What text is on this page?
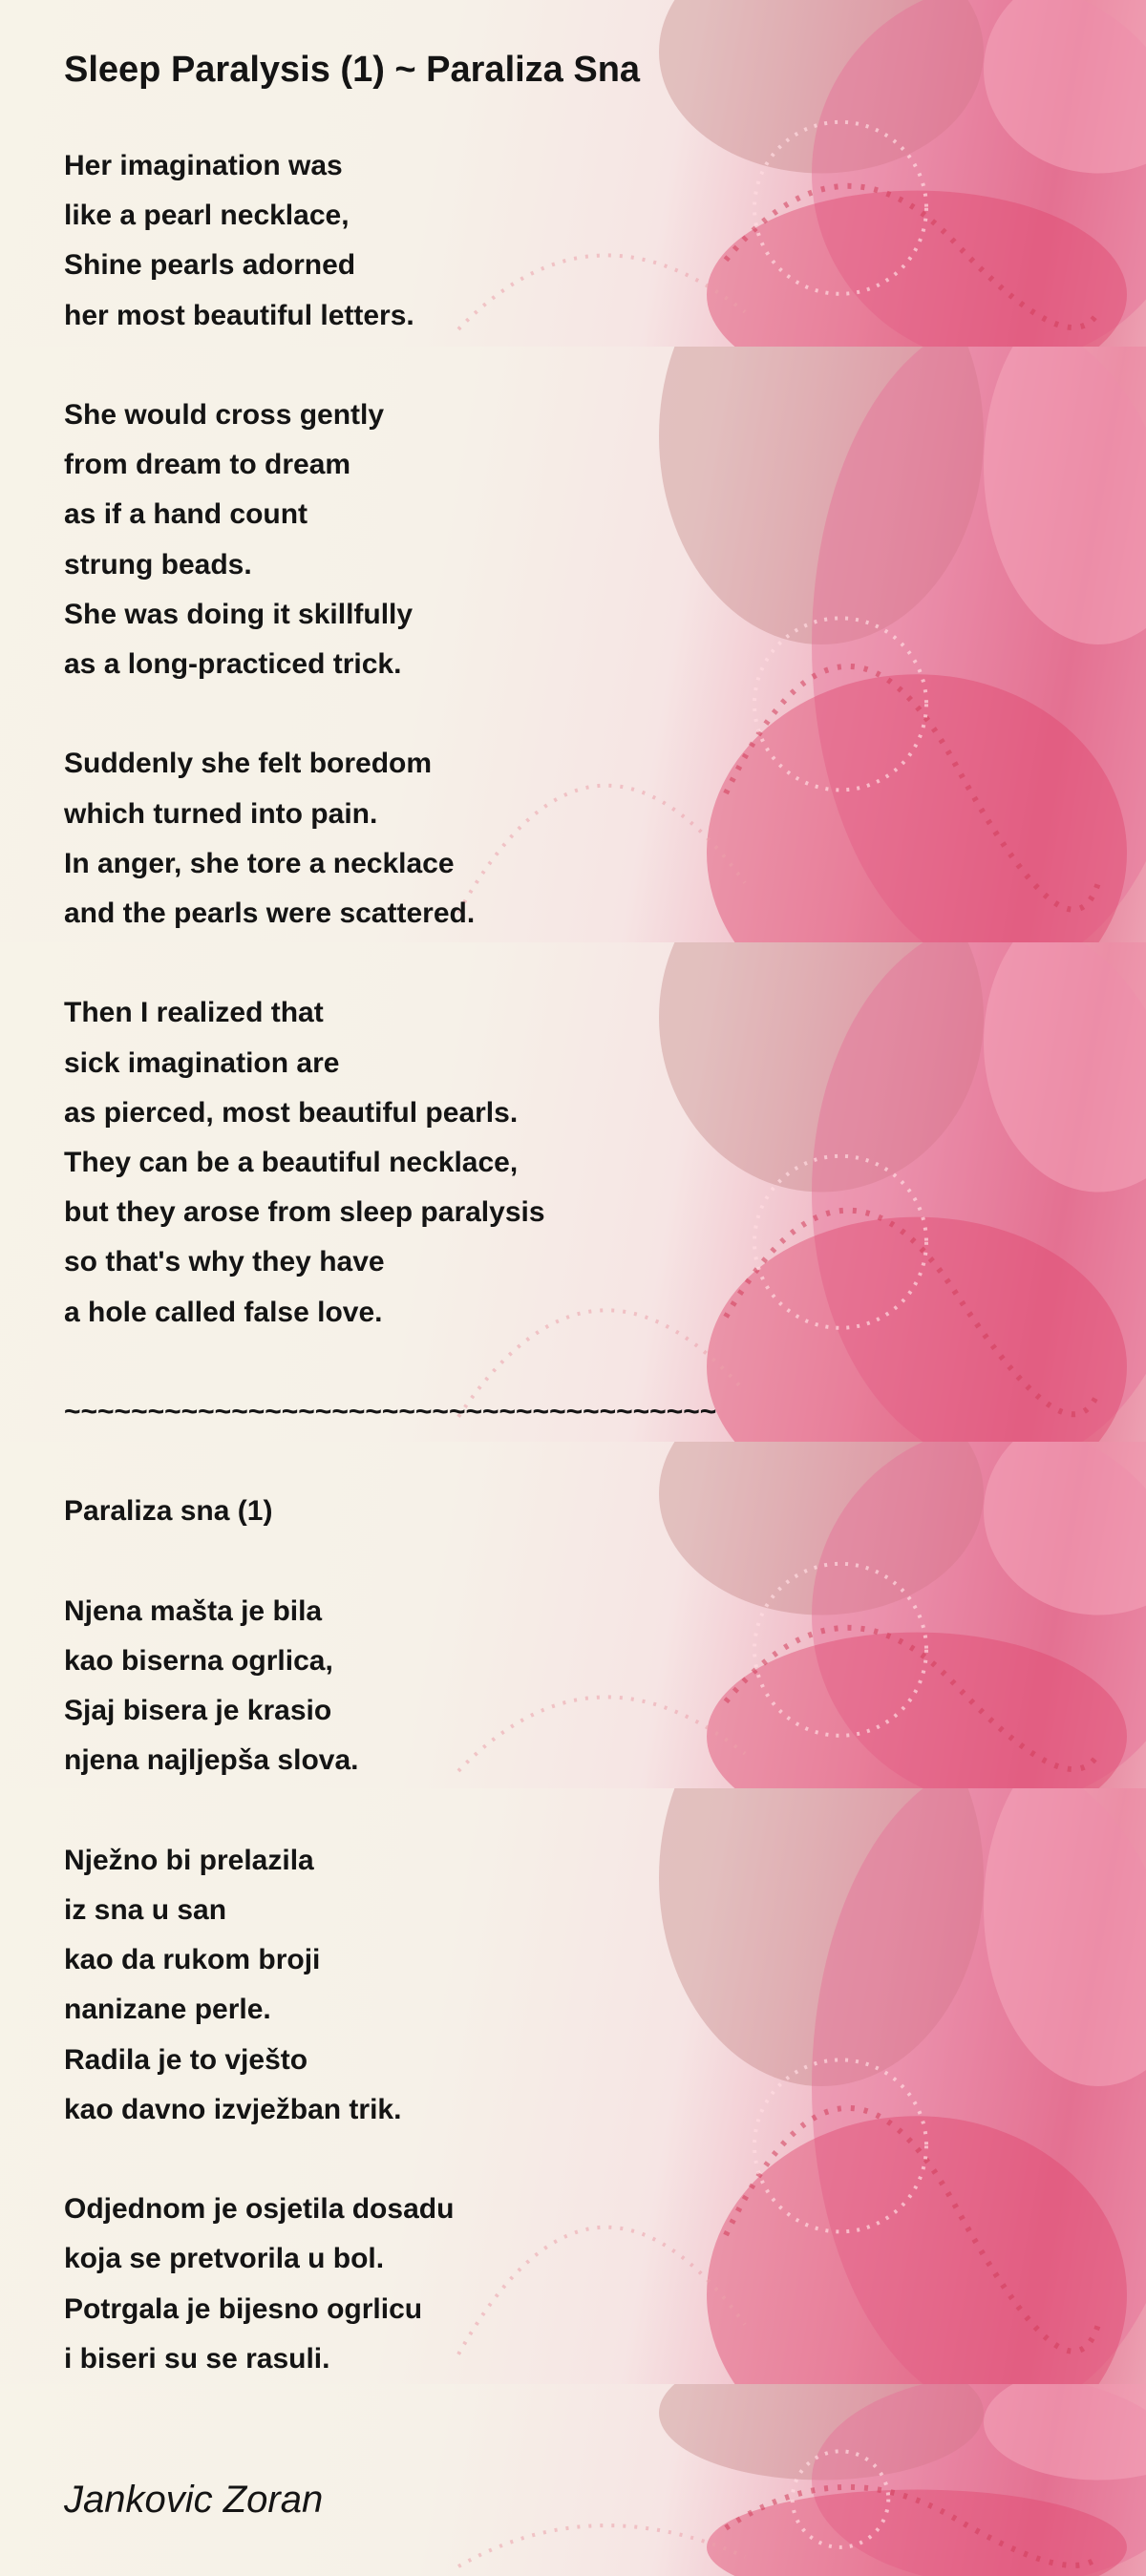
Sleep Paralysis (1) ~ Paraliza Sna
Her imagination was
like a pearl necklace,
Shine pearls adorned
her most beautiful letters.
She would cross gently
from dream to dream
as if a hand count
strung beads.
She was doing it skillfully
as a long-practiced trick.
Suddenly she felt boredom
which turned into pain.
In anger, she tore a necklace
and the pearls were scattered.
Then I realized that
sick imagination are
as pierced, most beautiful pearls.
They can be a beautiful necklace,
but they arose from sleep paralysis
so that's why they have
a hole called false love.
~~~~~~~~~~~~~~~~~~~~~~~~~~~~~~~~~~~~~~~
Paraliza sna (1)
Njena mašta je bila
kao biserna ogrlica,
Sjaj bisera je krasio
njena najljepša slova.
Nježno bi prelazila
iz sna u san
kao da rukom broji
nanizane perle.
Radila je to vješto
kao davno izvježban trik.
Odjednom je osjetila dosadu
koja se pretvorila u bol.
Potrgala je bijesno ogrlicu
i biseri su se rasuli.
Jankovic Zoran
